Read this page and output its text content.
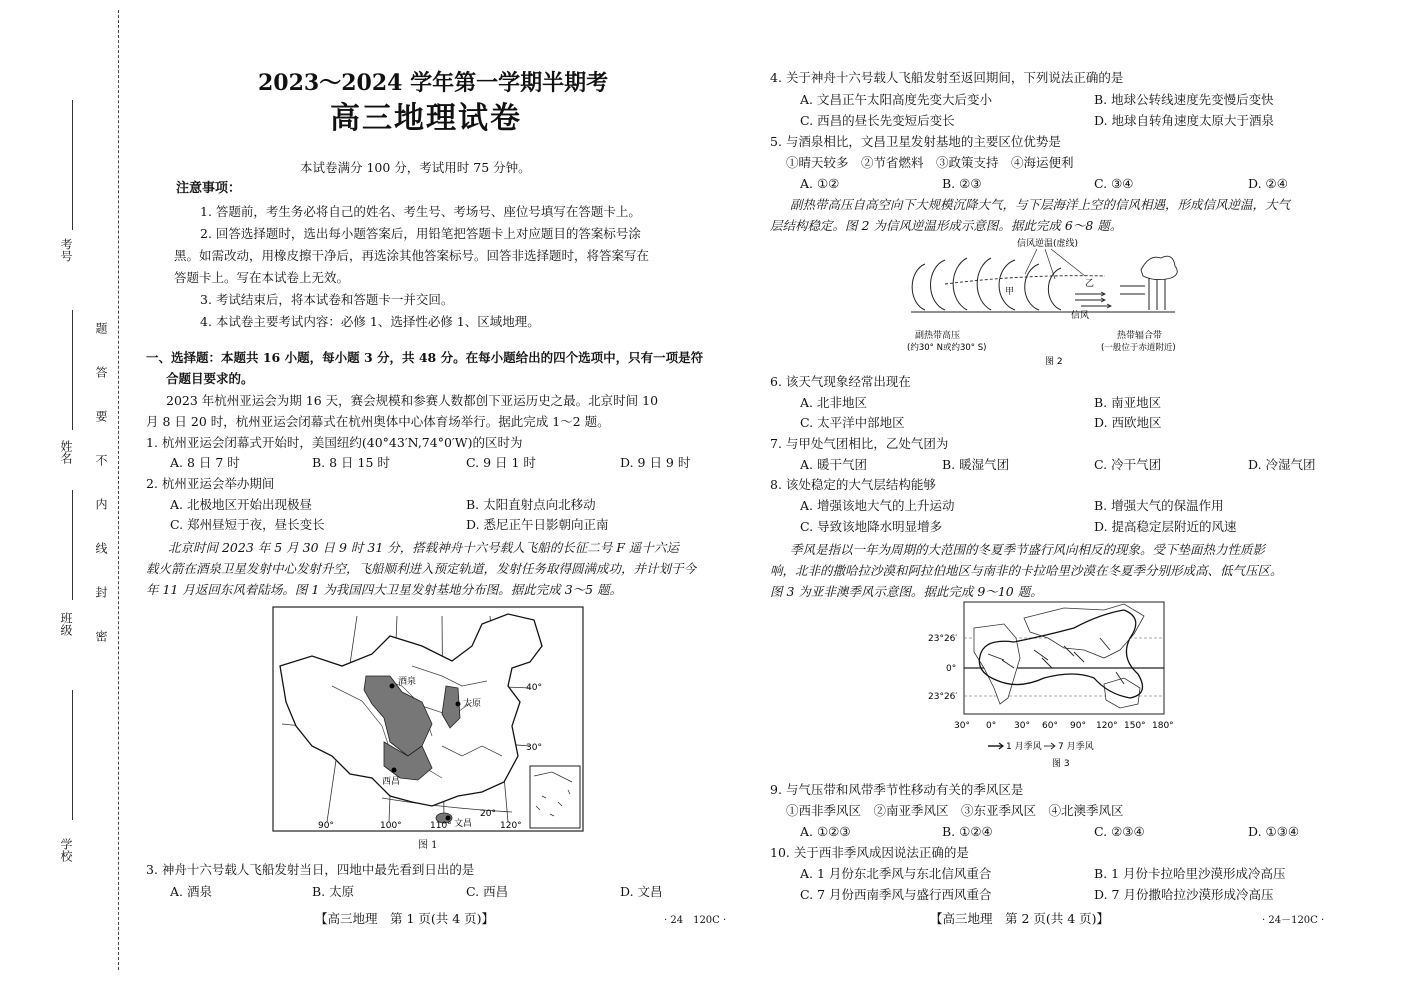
考号
姓名
班级
学校
题
答
要
不
内
线
封
密
2023～2024 学年第一学期半期考
高三地理试卷
本试卷满分 100 分，考试用时 75 分钟。
注意事项：
1. 答题前，考生务必将自己的姓名、考生号、考场号、座位号填写在答题卡上。
2. 回答选择题时，选出每小题答案后，用铅笔把答题卡上对应题目的答案标号涂
黑。如需改动，用橡皮擦干净后，再选涂其他答案标号。回答非选择题时，将答案写在
答题卡上。写在本试卷上无效。
3. 考试结束后，将本试卷和答题卡一并交回。
4. 本试卷主要考试内容：必修 1、选择性必修 1、区域地理。
一、选择题：本题共 16 小题，每小题 3 分，共 48 分。在每小题给出的四个选项中，只有一项是符
合题目要求的。
2023 年杭州亚运会为期 16 天，赛会规模和参赛人数都创下亚运历史之最。北京时间 10
月 8 日 20 时，杭州亚运会闭幕式在杭州奥体中心体育场举行。据此完成 1～2 题。
1. 杭州亚运会闭幕式开始时，美国纽约(40°43′N,74°0′W)的区时为
A. 8 日 7 时	B. 8 日 15 时	C. 9 日 1 时	D. 9 日 9 时
2. 杭州亚运会举办期间
A. 北极地区开始出现极昼	B. 太阳直射点向北移动
C. 郑州昼短于夜，昼长变长	D. 悉尼正午日影朝向正南
北京时间 2023 年 5 月 30 日 9 时 31 分，搭载神舟十六号载人飞船的长征二号 F 遥十六运
载火箭在酒泉卫星发射中心发射升空，飞船顺利进入预定轨道，发射任务取得圆满成功，并计划于今
年 11 月返回东风着陆场。图 1 为我国四大卫星发射基地分布图。据此完成 3～5 题。
酒泉
太原
西昌
文昌
40°
30°
20°
90°	100°	110°	120°
图 1
3. 神舟十六号载人飞船发射当日，四地中最先看到日出的是
A. 酒泉	B. 太原	C. 西昌	D. 文昌
【高三地理　第 1 页(共 4 页)】	· 24　120C ·
4. 关于神舟十六号载人飞船发射至返回期间，下列说法正确的是
A. 文昌正午太阳高度先变大后变小	B. 地球公转线速度先变慢后变快
C. 西昌的昼长先变短后变长	D. 地球自转角速度太原大于酒泉
5. 与酒泉相比，文昌卫星发射基地的主要区位优势是
①晴天较多　②节省燃料　③政策支持　④海运便利
A. ①②	B. ②③	C. ③④	D. ②④
副热带高压自高空向下大规模沉降大气，与下层海洋上空的信风相遇，形成信风逆温，大气
层结构稳定。图 2 为信风逆温形成示意图。据此完成 6～8 题。
信风逆温(虚线)
甲
乙
信风
副热带高压
(约30° N或约30° S)
热带辐合带
(一般位于赤道附近)
图 2
6. 该天气现象经常出现在
A. 北非地区	B. 南亚地区
C. 太平洋中部地区	D. 西欧地区
7. 与甲处气团相比，乙处气团为
A. 暖干气团	B. 暖湿气团	C. 冷干气团	D. 冷湿气团
8. 该处稳定的大气层结构能够
A. 增强该地大气的上升运动	B. 增强大气的保温作用
C. 导致该地降水明显增多	D. 提高稳定层附近的风速
季风是指以一年为周期的大范围的冬夏季节盛行风向相反的现象。受下垫面热力性质影
响，北非的撒哈拉沙漠和阿拉伯地区与南非的卡拉哈里沙漠在冬夏季分别形成高、低气压区。
图 3 为亚非澳季风示意图。据此完成 9～10 题。
23°26′
0°
23°26′
30° 0° 30° 60° 90° 120° 150° 180°
1 月季风 7 月季风
图 3
9. 与气压带和风带季节性移动有关的季风区是
①西非季风区　②南亚季风区　③东亚季风区　④北澳季风区
A. ①②③	B. ①②④	C. ②③④	D. ①③④
10. 关于西非季风成因说法正确的是
A. 1 月份东北季风与东北信风重合	B. 1 月份卡拉哈里沙漠形成冷高压
C. 7 月份西南季风与盛行西风重合	D. 7 月份撒哈拉沙漠形成冷高压
【高三地理　第 2 页(共 4 页)】	· 24－120C ·
